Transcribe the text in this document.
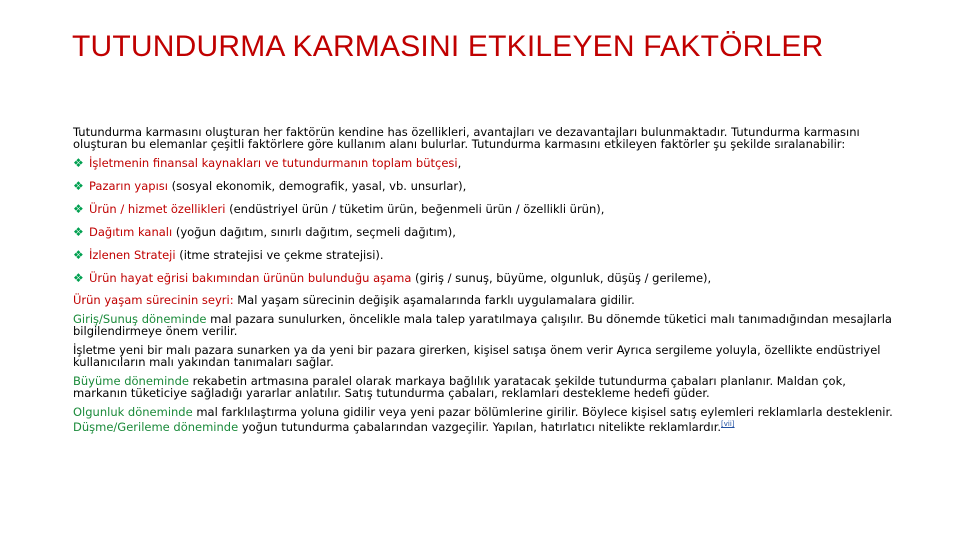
TUTUNDURMA KARMASINI ETKILEYEN FAKTÖRLER

Tutundurma karmasını oluşturan her faktörün kendine has özellikleri, avantajları ve dezavantajları bulunmaktadır. Tutundurma karmasını oluşturan bu elemanlar çeşitli faktörlere göre kullanım alanı bulurlar. Tutundurma karmasını etkileyen faktörler şu şekilde sıralanabilir:

❖ İşletmenin finansal kaynakları ve tutundurmanın toplam bütçesi,
❖ Pazarın yapısı (sosyal ekonomik, demografik, yasal, vb. unsurlar),
❖ Ürün / hizmet özellikleri (endüstriyel ürün / tüketim ürün, beğenmeli ürün / özellikli ürün),
❖ Dağıtım kanalı (yoğun dağıtım, sınırlı dağıtım, seçmeli dağıtım),
❖ İzlenen Strateji (itme stratejisi ve çekme stratejisi).
❖ Ürün hayat eğrisi bakımından ürünün bulunduğu aşama (giriş / sunuş, büyüme, olgunluk, düşüş / gerileme),

Ürün yaşam sürecinin seyri: Mal yaşam sürecinin değişik aşamalarında farklı uygulamalara gidilir.

Giriş/Sunuş döneminde mal pazara sunulurken, öncelikle mala talep yaratılmaya çalışılır. Bu dönemde tüketici malı tanımadığından mesajlarla bilgilendirmeye önem verilir.

İşletme yeni bir malı pazara sunarken ya da yeni bir pazara girerken, kişisel satışa önem verir Ayrıca sergileme yoluyla, özellikte endüstriyel kullanıcıların malı yakından tanımaları sağlar.

Büyüme döneminde rekabetin artmasına paralel olarak markaya bağlılık yaratacak şekilde tutundurma çabaları planlanır. Maldan çok, markanın tüketiciye sağladığı yararlar anlatılır. Satış tutundurma çabaları, reklamları destekleme hedefi güder.

Olgunluk döneminde mal farklılaştırma yoluna gidilir veya yeni pazar bölümlerine girilir. Böylece kişisel satış eylemleri reklamlarla desteklenir. Düşme/Gerileme döneminde yoğun tutundurma çabalarından vazgeçilir. Yapılan, hatırlatıcı nitelikte reklamlardır.[vii]
